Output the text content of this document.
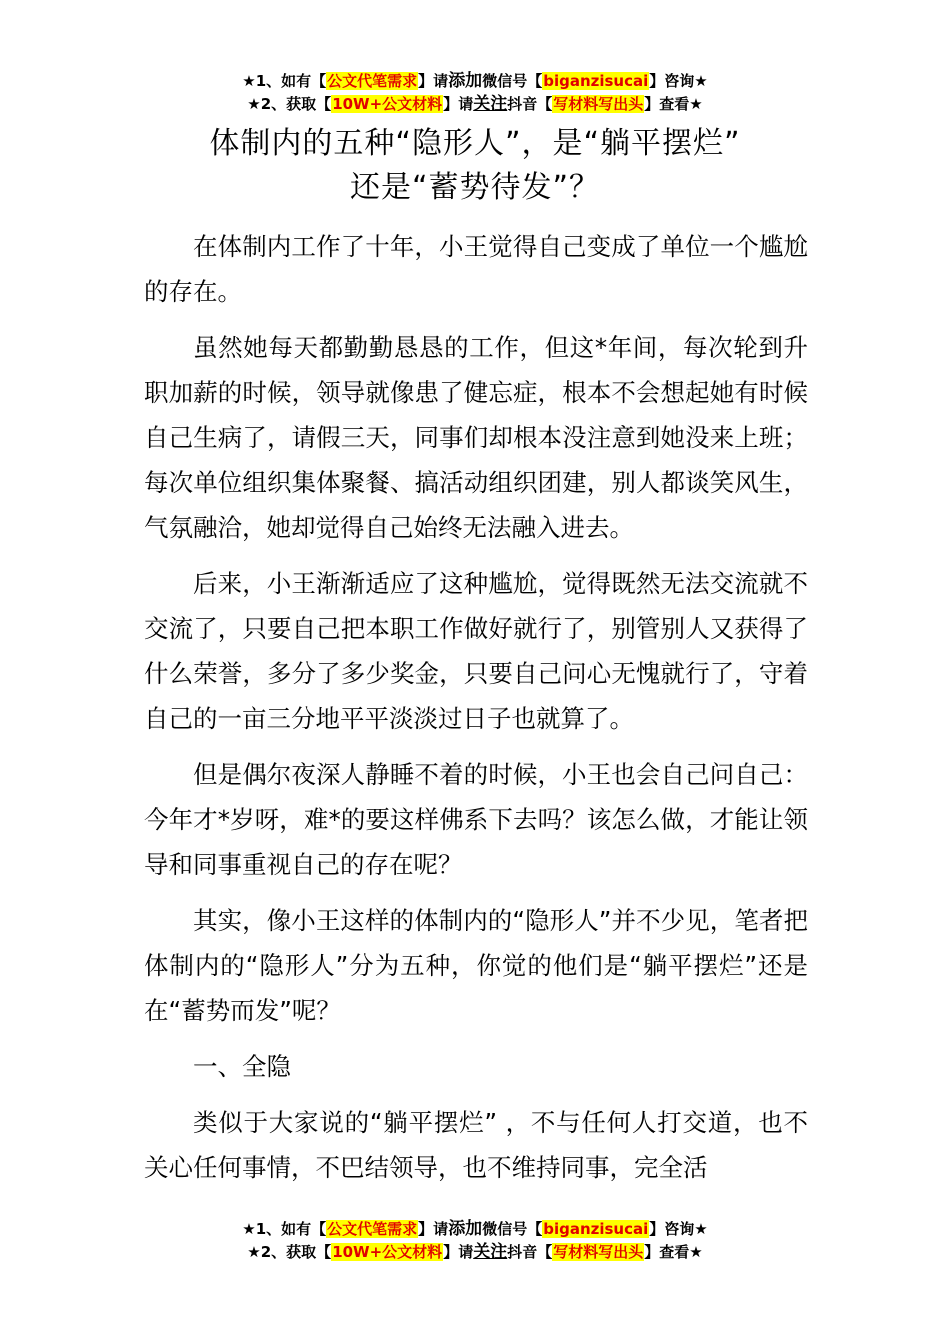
★1、如有【公文代笔需求】请添加微信号【biganzisucai】咨询★
★2、获取【10W+公文材料】请关注抖音【写材料写出头】查看★
体制内的五种“隐形人”，是“躺平摆烂”
还是“蓄势待发”？

在体制内工作了十年，小王觉得自己变成了单位一个尴尬的存在。

虽然她每天都勤勤恳恳的工作，但这*年间，每次轮到升职加薪的时候，领导就像患了健忘症，根本不会想起她有时候自己生病了，请假三天，同事们却根本没注意到她没来上班；每次单位组织集体聚餐、搞活动组织团建，别人都谈笑风生，气氛融洽，她却觉得自己始终无法融入进去。

后来，小王渐渐适应了这种尴尬，觉得既然无法交流就不交流了，只要自己把本职工作做好就行了，别管别人又获得了什么荣誉，多分了多少奖金，只要自己问心无愧就行了，守着自己的一亩三分地平平淡淡过日子也就算了。

但是偶尔夜深人静睡不着的时候，小王也会自己问自己：今年才*岁呀，难*的要这样佛系下去吗？该怎么做，才能让领导和同事重视自己的存在呢？

其实，像小王这样的体制内的“隐形人”并不少见，笔者把体制内的“隐形人”分为五种，你觉的他们是“躺平摆烂”还是在“蓄势而发”呢？

一、全隐

类似于大家说的“躺平摆烂” ，不与任何人打交道，也不关心任何事情，不巴结领导，也不维持同事，完全活

★1、如有【公文代笔需求】请添加微信号【biganzisucai】咨询★
★2、获取【10W+公文材料】请关注抖音【写材料写出头】查看★
